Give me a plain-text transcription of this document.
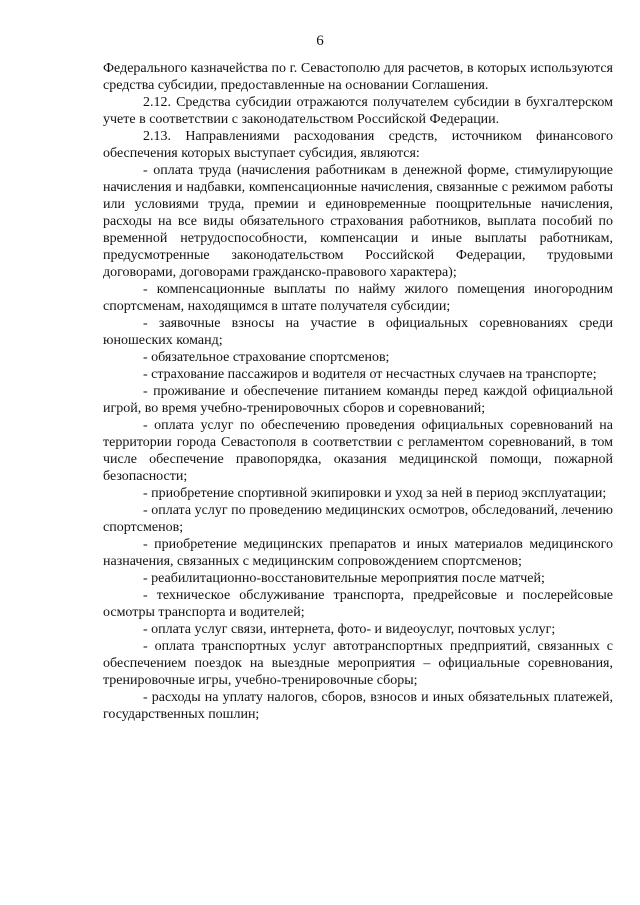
6

Федерального казначейства по г. Севастополю для расчетов, в которых используются средства субсидии, предоставленные на основании Соглашения.

2.12. Средства субсидии отражаются получателем субсидии в бухгалтерском учете в соответствии с законодательством Российской Федерации.

2.13. Направлениями расходования средств, источником финансового обеспечения которых выступает субсидия, являются:

- оплата труда (начисления работникам в денежной форме, стимулирующие начисления и надбавки, компенсационные начисления, связанные с режимом работы или условиями труда, премии и единовременные поощрительные начисления, расходы на все виды обязательного страхования работников, выплата пособий по временной нетрудоспособности, компенсации и иные выплаты работникам, предусмотренные законодательством Российской Федерации, трудовыми договорами, договорами гражданско-правового характера);

- компенсационные выплаты по найму жилого помещения иногородним спортсменам, находящимся в штате получателя субсидии;

- заявочные взносы на участие в официальных соревнованиях среди юношеских команд;

- обязательное страхование спортсменов;

- страхование пассажиров и водителя от несчастных случаев на транспорте;

- проживание и обеспечение питанием команды перед каждой официальной игрой, во время учебно-тренировочных сборов и соревнований;

- оплата услуг по обеспечению проведения официальных соревнований на территории города Севастополя в соответствии с регламентом соревнований, в том числе обеспечение правопорядка, оказания медицинской помощи, пожарной безопасности;

- приобретение спортивной экипировки и уход за ней в период эксплуатации;

- оплата услуг по проведению медицинских осмотров, обследований, лечению спортсменов;

- приобретение медицинских препаратов и иных материалов медицинского назначения, связанных с медицинским сопровождением спортсменов;

- реабилитационно-восстановительные мероприятия после матчей;

- техническое обслуживание транспорта, предрейсовые и послерейсовые осмотры транспорта и водителей;

- оплата услуг связи, интернета, фото- и видеоуслуг, почтовых услуг;

- оплата транспортных услуг автотранспортных предприятий, связанных с обеспечением поездок на выездные мероприятия – официальные соревнования, тренировочные игры, учебно-тренировочные сборы;

- расходы на уплату налогов, сборов, взносов и иных обязательных платежей, государственных пошлин;
